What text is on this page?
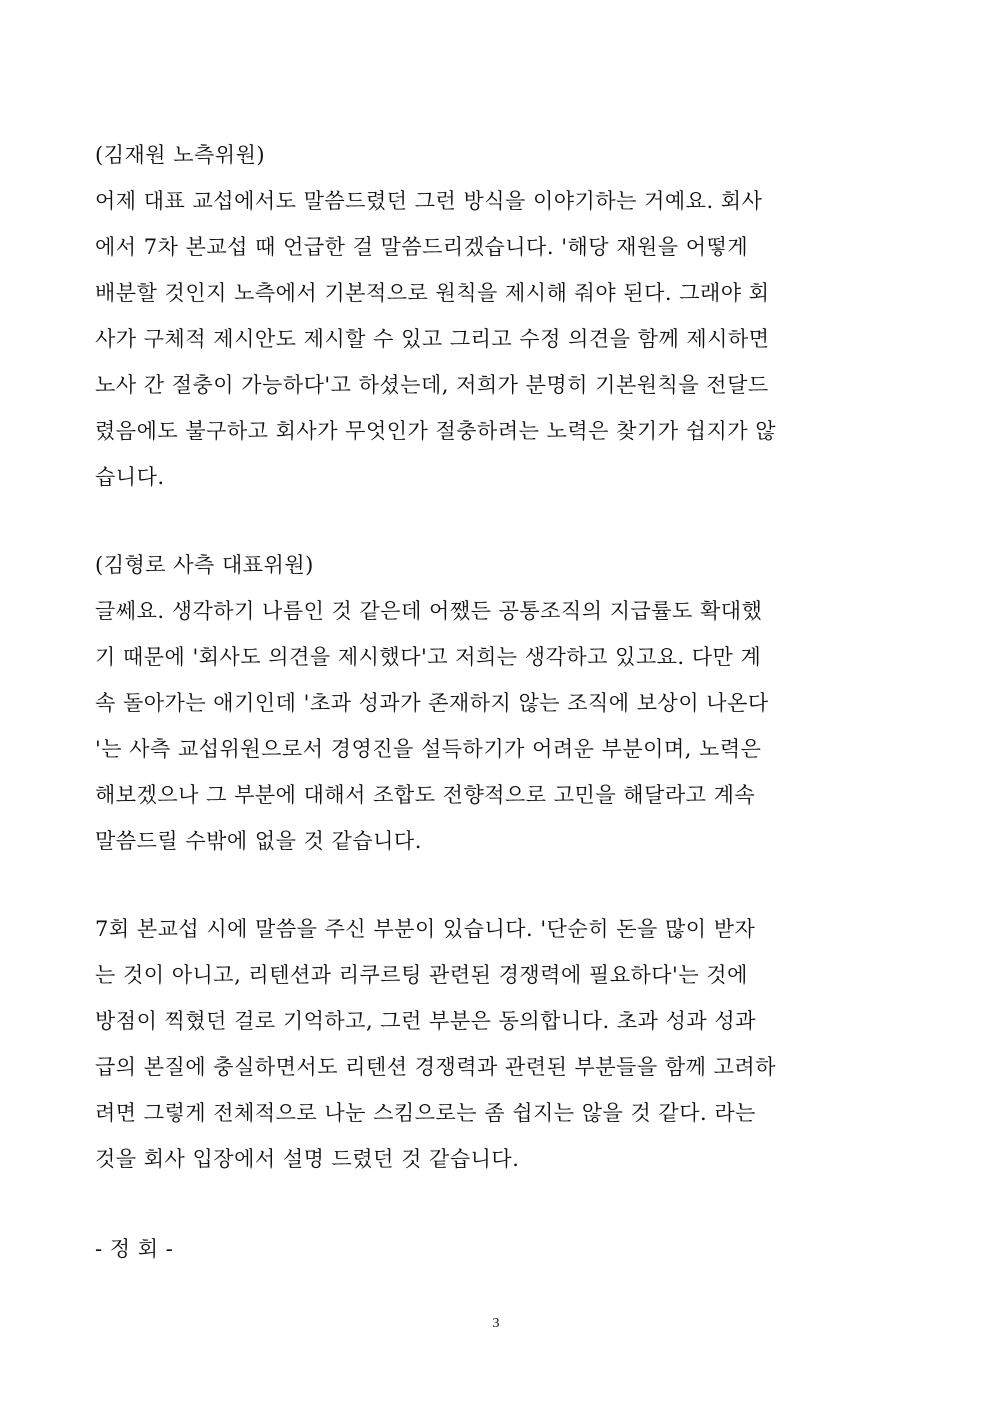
(김재원 노측위원)
어제 대표 교섭에서도 말씀드렸던 그런 방식을 이야기하는 거예요. 회사
에서 7차 본교섭 때 언급한 걸 말씀드리겠습니다. '해당 재원을 어떻게
배분할 것인지 노측에서 기본적으로 원칙을 제시해 줘야 된다. 그래야 회
사가 구체적 제시안도 제시할 수 있고 그리고 수정 의견을 함께 제시하면
노사 간 절충이 가능하다'고 하셨는데, 저희가 분명히 기본원칙을 전달드
렸음에도 불구하고 회사가 무엇인가 절충하려는 노력은 찾기가 쉽지가 않
습니다.
(김형로 사측 대표위원)
글쎄요. 생각하기 나름인 것 같은데 어쨌든 공통조직의 지급률도 확대했
기 때문에 '회사도 의견을 제시했다'고 저희는 생각하고 있고요. 다만 계
속 돌아가는 애기인데 '초과 성과가 존재하지 않는 조직에 보상이 나온다
'는 사측 교섭위원으로서 경영진을 설득하기가 어려운 부분이며, 노력은
해보겠으나 그 부분에 대해서 조합도 전향적으로 고민을 해달라고 계속
말씀드릴 수밖에 없을 것 같습니다.
7회 본교섭 시에 말씀을 주신 부분이 있습니다. '단순히 돈을 많이 받자
는 것이 아니고, 리텐션과 리쿠르팅 관련된 경쟁력에 필요하다'는 것에
방점이 찍혔던 걸로 기억하고, 그런 부분은 동의합니다. 초과 성과 성과
급의 본질에 충실하면서도 리텐션 경쟁력과 관련된 부분들을 함께 고려하
려면 그렇게 전체적으로 나눈 스킴으로는 좀 쉽지는 않을 것 같다. 라는
것을 회사 입장에서 설명 드렸던 것 같습니다.
- 정 회 -
3
